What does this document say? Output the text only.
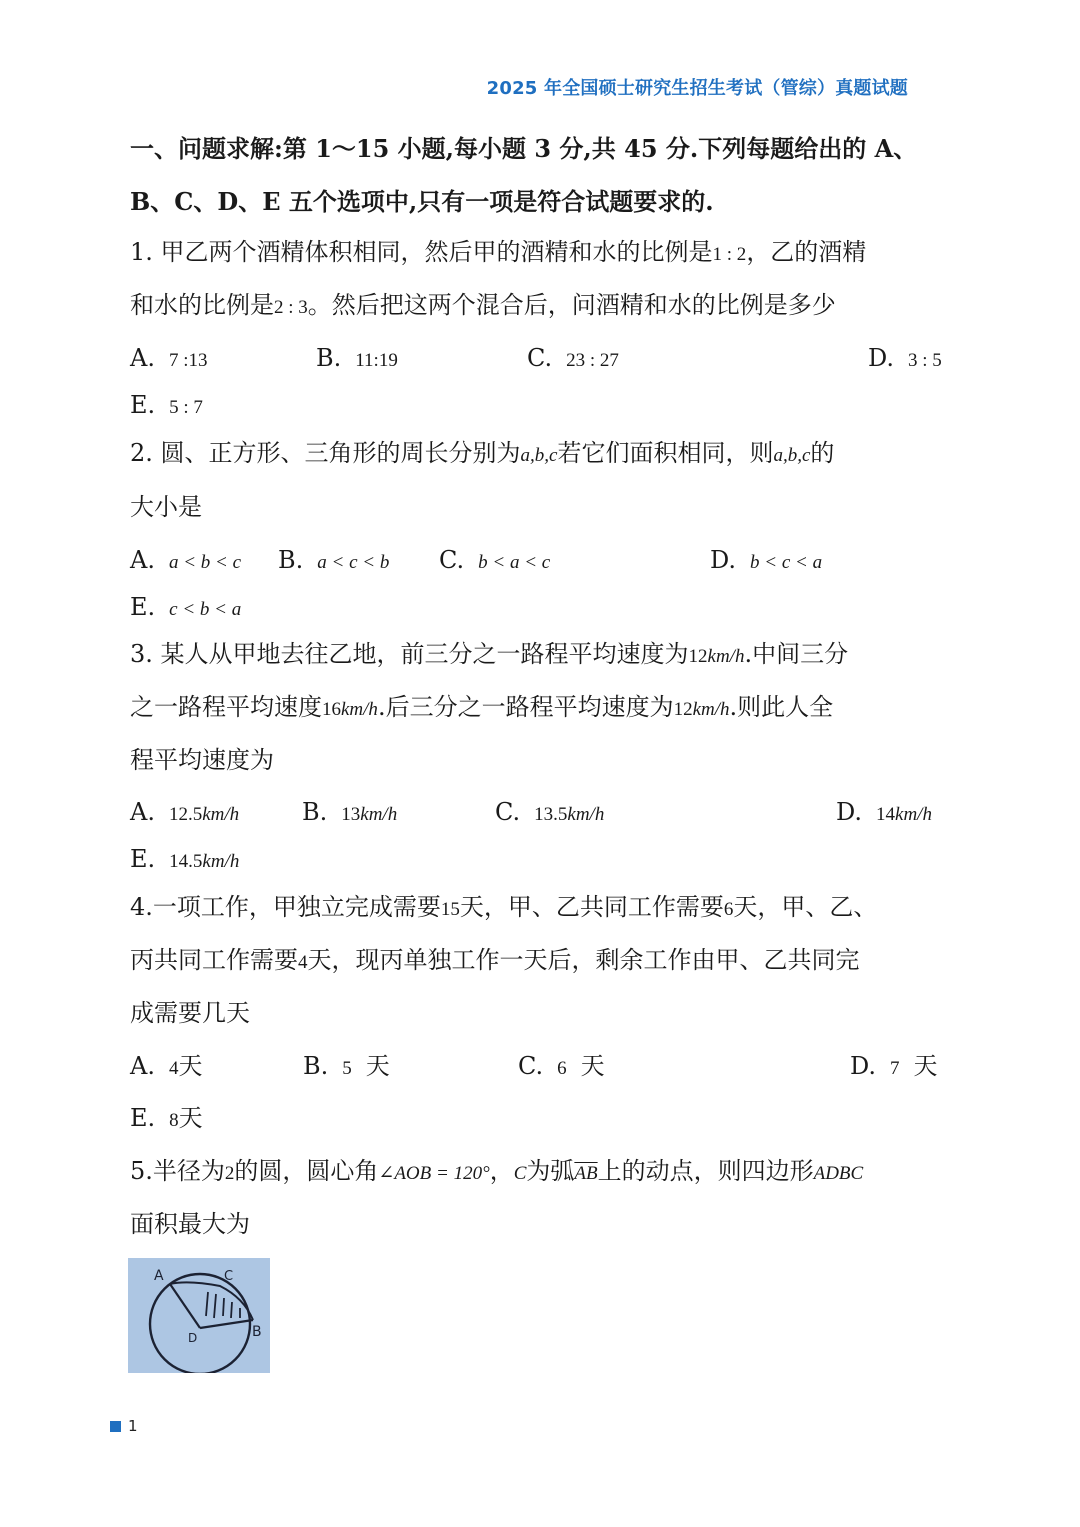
2025 年全国硕士研究生招生考试（管综）真题试题
一、问题求解:第 1～15 小题,每小题 3 分,共 45 分.下列每题给出的 A、
B、C、D、E 五个选项中,只有一项是符合试题要求的.
1. 甲乙两个酒精体积相同，然后甲的酒精和水的比例是1 : 2，乙的酒精
和水的比例是2 : 3。然后把这两个混合后，问酒精和水的比例是多少
A. 7 :13	B. 11:19	C. 23 : 27	D. 3 : 5
E. 5 : 7
2. 圆、正方形、三角形的周长分别为a,b,c若它们面积相同，则a,b,c的
大小是
A. a < b < c B. a < c < b C. b < a < c	D. b < c < a
E. c < b < a
3. 某人从甲地去往乙地，前三分之一路程平均速度为12km/h.中间三分
之一路程平均速度16km/h.后三分之一路程平均速度为12km/h.则此人全
程平均速度为
A. 12.5km/h	B. 13km/h	C. 13.5km/h	D. 14km/h
E. 14.5km/h
4.一项工作，甲独立完成需要15天，甲、乙共同工作需要6天，甲、乙、
丙共同工作需要4天，现丙单独工作一天后，剩余工作由甲、乙共同完
成需要几天
A. 4天	B. 5 天	C. 6 天	D. 7 天
E. 8天
5.半径为2的圆，圆心角∠AOB = 120°，C为弧$\overline{AB}$上的动点，则四边形ADBC
面积最大为
A	C
B
D
1
